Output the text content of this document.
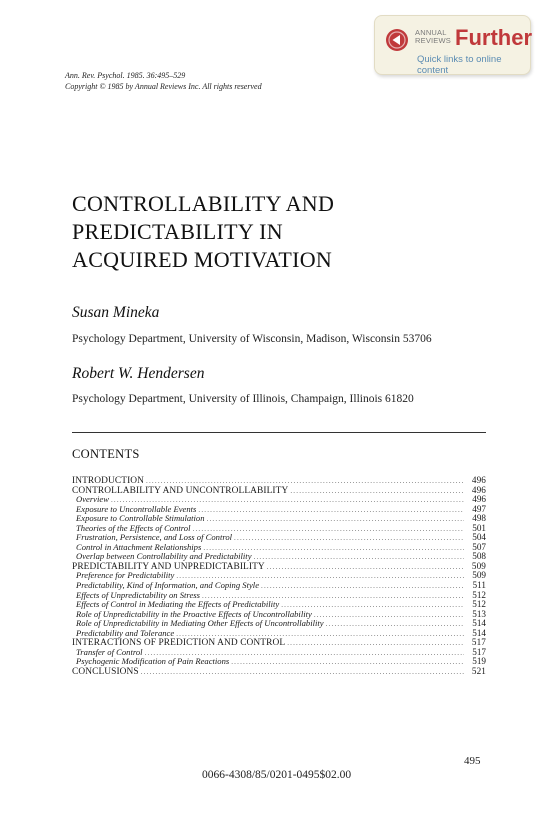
ANNUAL
REVIEWS Further
Quick links to online content
Ann. Rev. Psychol. 1985. 36:495–529
Copyright © 1985 by Annual Reviews Inc. All rights reserved
CONTROLLABILITY AND
PREDICTABILITY IN
ACQUIRED MOTIVATION
Susan Mineka
Psychology Department, University of Wisconsin, Madison, Wisconsin 53706
Robert W. Hendersen
Psychology Department, University of Illinois, Champaign, Illinois 61820
CONTENTS
INTRODUCTION .....	496
CONTROLLABILITY AND UNCONTROLLABILITY .....	496
Overview .....	496
Exposure to Uncontrollable Events .....	497
Exposure to Controllable Stimulation .....	498
Theories of the Effects of Control .....	501
Frustration, Persistence, and Loss of Control .....	504
Control in Attachment Relationships .....	507
Overlap between Controllability and Predictability .....	508
PREDICTABILITY AND UNPREDICTABILITY .....	509
Preference for Predictability .....	509
Predictability, Kind of Information, and Coping Style .....	511
Effects of Unpredictability on Stress .....	512
Effects of Control in Mediating the Effects of Predictability .....	512
Role of Unpredictability in the Proactive Effects of Uncontrollability .....	513
Role of Unpredictability in Mediating Other Effects of Uncontrollability .....	514
Predictability and Tolerance .....	514
INTERACTIONS OF PREDICTION AND CONTROL .....	517
Transfer of Control .....	517
Psychogenic Modification of Pain Reactions .....	519
CONCLUSIONS .....	521
495
0066-4308/85/0201-0495$02.00
